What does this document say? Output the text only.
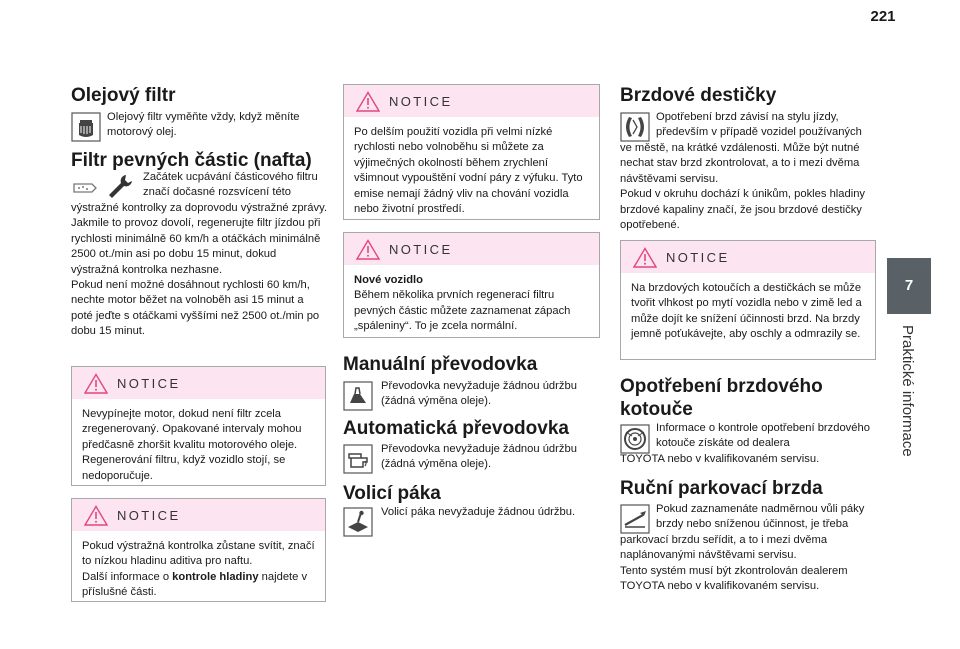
221
7
Praktické informace
Olejový filtr
Olejový filtr vyměňte vždy, když měníte motorový olej.
Filtr pevných částic (nafta)
Začátek ucpávání částicového filtru značí dočasné rozsvícení této
výstražné kontrolky za doprovodu výstražné zprávy.
Jakmile to provoz dovolí, regenerujte filtr jízdou při rychlosti minimálně 60 km/h a otáčkách minimálně 2500 ot./min asi po dobu 15 minut, dokud výstražná kontrolka nezhasne.
Pokud není možné dosáhnout rychlosti 60 km/h, nechte motor běžet na volnoběh asi 15 minut a poté jeďte s otáčkami vyššími než 2500 ot./min po dobu 15 minut.
NOTICE
Nevypínejte motor, dokud není filtr zcela zregenerovaný. Opakované intervaly mohou předčasně zhoršit kvalitu motorového oleje. Regenerování filtru, když vozidlo stojí, se nedoporučuje.
NOTICE
Pokud výstražná kontrolka zůstane svítit, značí to nízkou hladinu aditiva pro naftu.
Další informace o kontrole hladiny najdete v příslušné části.
NOTICE
Po delším použití vozidla při velmi nízké rychlosti nebo volnoběhu si můžete za výjimečných okolností během zrychlení všimnout vypouštění vodní páry z výfuku. Tyto emise nemají žádný vliv na chování vozidla nebo životní prostředí.
NOTICE
Nové vozidlo
Během několika prvních regenerací filtru pevných částic můžete zaznamenat zápach „spáleniny“. To je zcela normální.
Manuální převodovka
Převodovka nevyžaduje žádnou údržbu (žádná výměna oleje).
Automatická převodovka
Převodovka nevyžaduje žádnou údržbu (žádná výměna oleje).
Volicí páka
Volicí páka nevyžaduje žádnou údržbu.
Brzdové destičky
Opotřebení brzd závisí na stylu jízdy, především v případě vozidel používaných
ve městě, na krátké vzdálenosti. Může být nutné nechat stav brzd zkontrolovat, a to i mezi dvěma návštěvami servisu.
Pokud v okruhu dochází k únikům, pokles hladiny brzdové kapaliny značí, že jsou brzdové destičky opotřebené.
NOTICE
Na brzdových kotoučích a destičkách se může tvořit vlhkost po mytí vozidla nebo v zimě led a může dojít ke snížení účinnosti brzd. Na brzdy jemně poťukávejte, aby oschly a odmrazily se.
Opotřebení brzdového
kotouče
Informace o kontrole opotřebení brzdového kotouče získáte od dealera
TOYOTA nebo v kvalifikovaném servisu.
Ruční parkovací brzda
Pokud zaznamenáte nadměrnou vůli páky brzdy nebo sníženou účinnost, je třeba
parkovací brzdu seřídit, a to i mezi dvěma naplánovanými návštěvami servisu.
Tento systém musí být zkontrolován dealerem TOYOTA nebo v kvalifikovaném servisu.
